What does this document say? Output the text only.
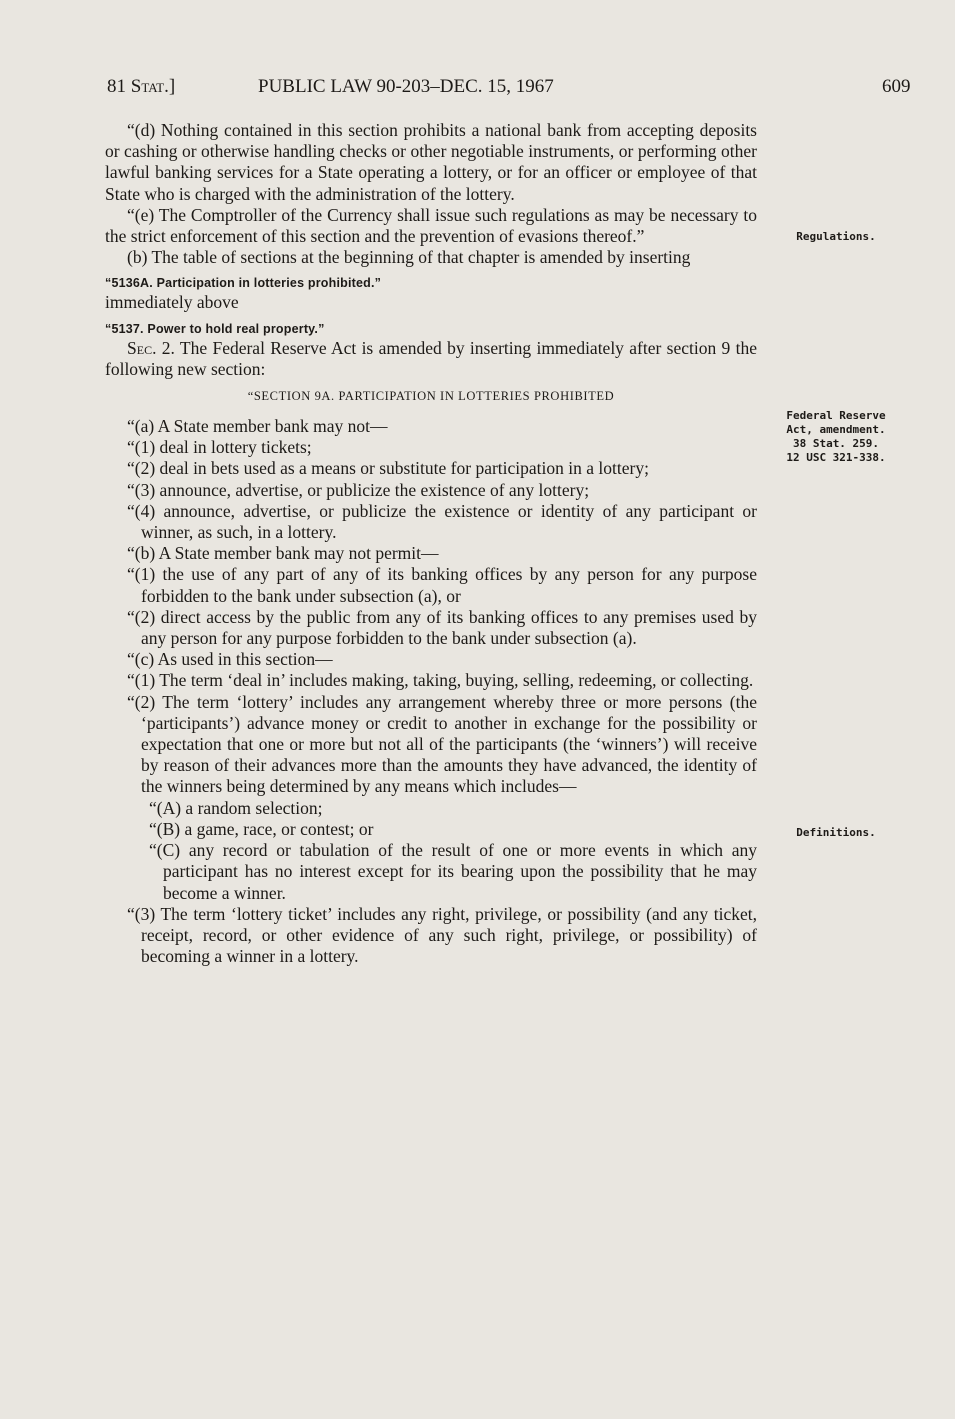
81 Stat.]	PUBLIC LAW 90-203–DEC. 15, 1967	609

“(d) Nothing contained in this section prohibits a national bank from accepting deposits or cashing or otherwise handling checks or other negotiable instruments, or performing other lawful banking services for a State operating a lottery, or for an officer or employee of that State who is charged with the administration of the lottery.

“(e) The Comptroller of the Currency shall issue such regulations as may be necessary to the strict enforcement of this section and the prevention of evasions thereof.”

(b) The table of sections at the beginning of that chapter is amended by inserting

“5136A. Participation in lotteries prohibited.”

immediately above

“5137. Power to hold real property.”

Sec. 2. The Federal Reserve Act is amended by inserting immediately after section 9 the following new section:

“SECTION 9A. PARTICIPATION IN LOTTERIES PROHIBITED

“(a) A State member bank may not—

“(1) deal in lottery tickets;

“(2) deal in bets used as a means or substitute for participation in a lottery;

“(3) announce, advertise, or publicize the existence of any lottery;

“(4) announce, advertise, or publicize the existence or identity of any participant or winner, as such, in a lottery.

“(b) A State member bank may not permit—

“(1) the use of any part of any of its banking offices by any person for any purpose forbidden to the bank under subsection (a), or

“(2) direct access by the public from any of its banking offices to any premises used by any person for any purpose forbidden to the bank under subsection (a).

“(c) As used in this section—

“(1) The term ‘deal in’ includes making, taking, buying, selling, redeeming, or collecting.

“(2) The term ‘lottery’ includes any arrangement whereby three or more persons (the ‘participants’) advance money or credit to another in exchange for the possibility or expectation that one or more but not all of the participants (the ‘winners’) will receive by reason of their advances more than the amounts they have advanced, the identity of the winners being determined by any means which includes—

“(A) a random selection;

“(B) a game, race, or contest; or

“(C) any record or tabulation of the result of one or more events in which any participant has no interest except for its bearing upon the possibility that he may become a winner.

“(3) The term ‘lottery ticket’ includes any right, privilege, or possibility (and any ticket, receipt, record, or other evidence of any such right, privilege, or possibility) of becoming a winner in a lottery.

Regulations.
Federal Reserve
Act, amendment.
38 Stat. 259.
12 USC 321-338.
Definitions.
